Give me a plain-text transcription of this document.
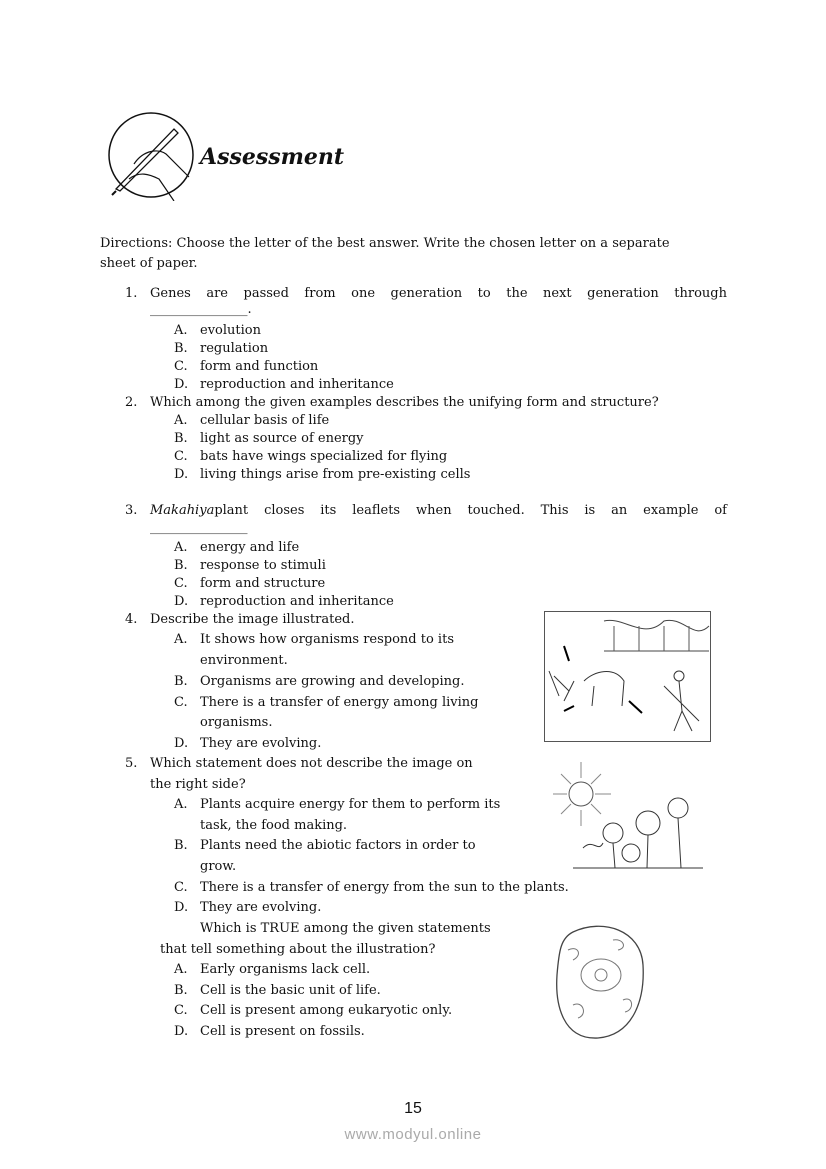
Assessment
Directions: Choose the letter of the best answer. Write the chosen letter on a separate
sheet of paper.
1. Genes are passed from one generation to the next generation through
_______________.
A. evolution
B. regulation
C. form and function
D. reproduction and inheritance
2. Which among the given examples describes the unifying form and structure?
A. cellular basis of life
B. light as source of energy
C. bats have wings specialized for flying
D. living things arise from pre-existing cells
3. Makahiya plant closes its leaflets when touched. This is an example of
_______________
A. energy and life
B. response to stimuli
C. form and structure
D. reproduction and inheritance
4. Describe the image illustrated.
A. It shows how organisms respond to its
environment.
B. Organisms are growing and developing.
C. There is a transfer of energy among living
organisms.
D. They are evolving.
5. Which statement does not describe the image on
the right side?
A. Plants acquire energy for them to perform its
task, the food making.
B. Plants need the abiotic factors in order to
grow.
C. There is a transfer of energy from the sun to the plants.
D. They are evolving.
Which is TRUE among the given statements
that tell something about the illustration?
A. Early organisms lack cell.
B. Cell is the basic unit of life.
C. Cell is present among eukaryotic only.
D. Cell is present on fossils.
15
www.modyul.online
